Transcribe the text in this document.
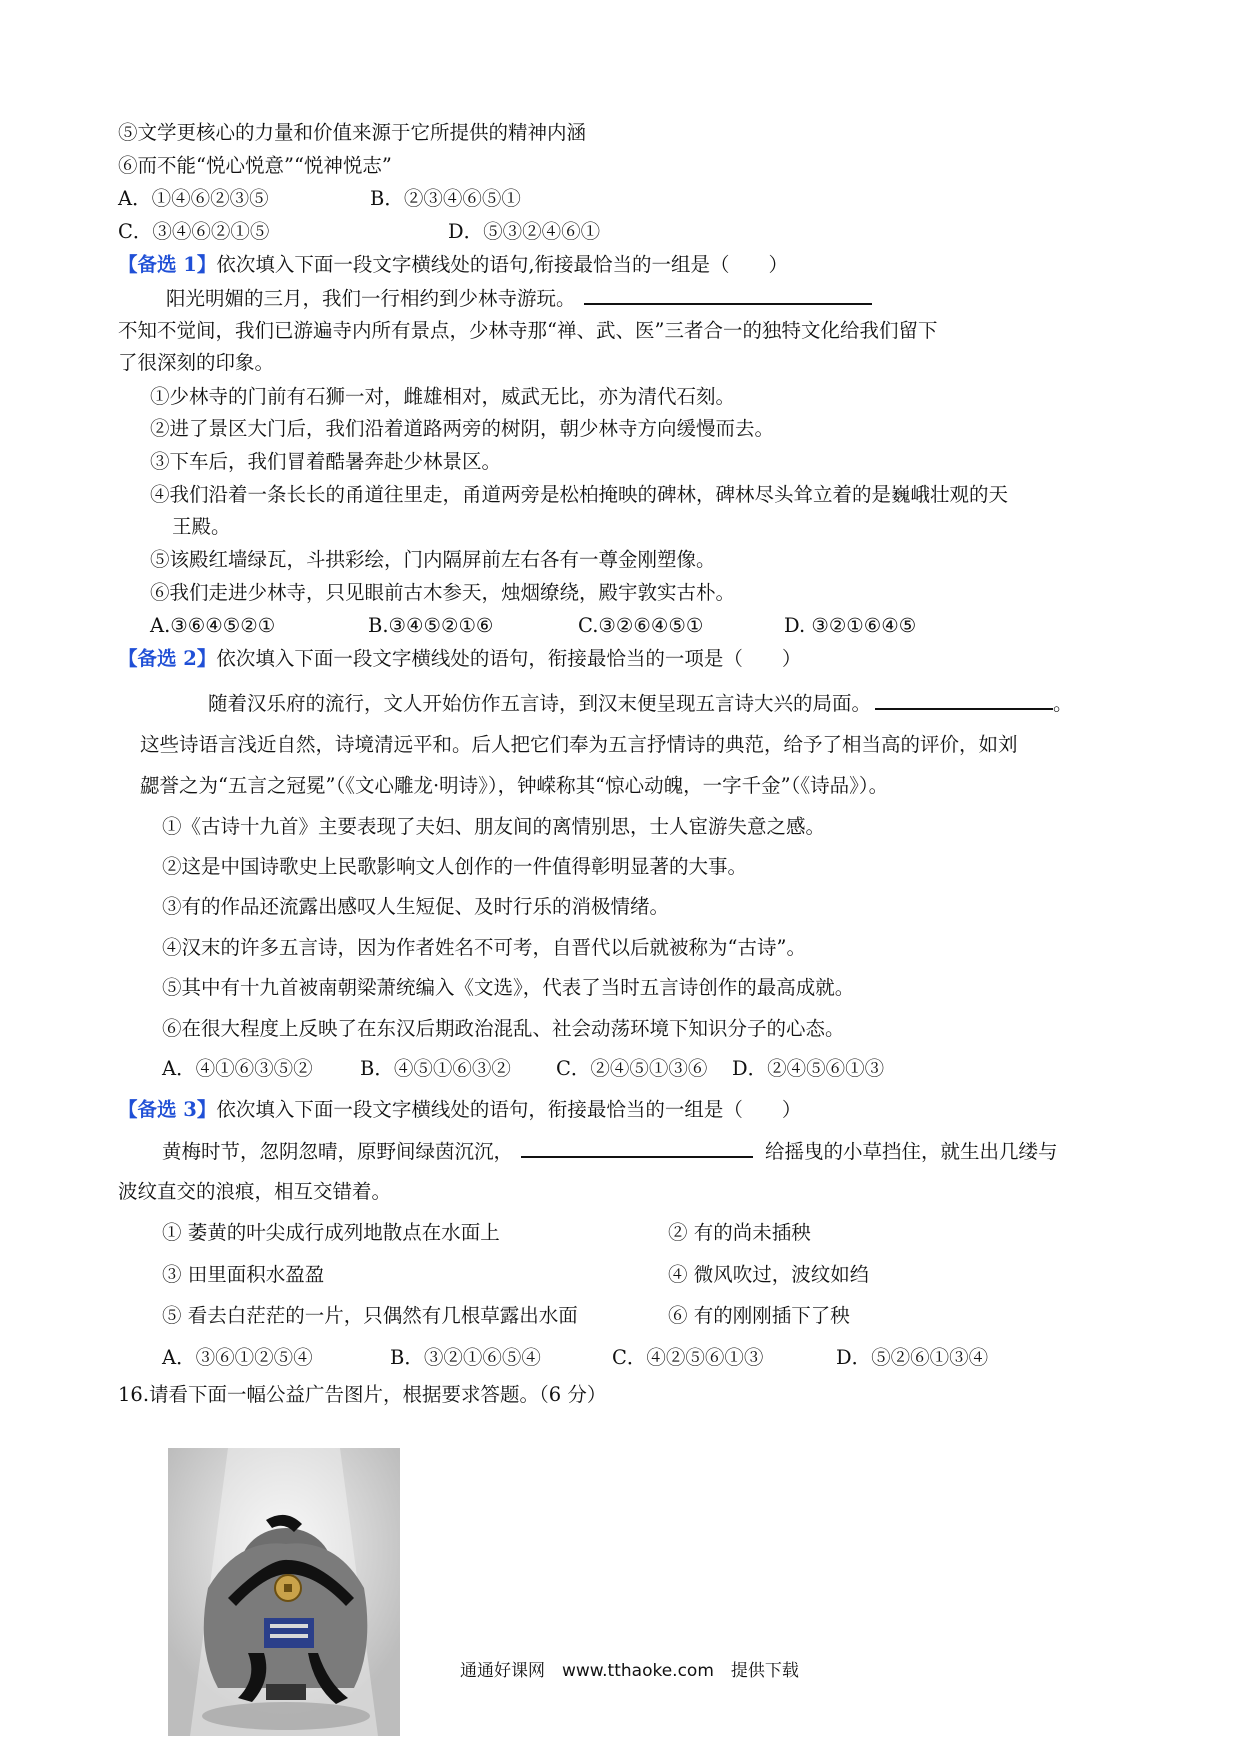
⑤文学更核心的力量和价值来源于它所提供的精神内涵
⑥而不能“悦心悦意”“悦神悦志”
A．①④⑥②③⑤	B．②③④⑥⑤①
C．③④⑥②①⑤	D．⑤③②④⑥①
【备选 1】依次填入下面一段文字横线处的语句,衔接最恰当的一组是（　　）
阳光明媚的三月，我们一行相约到少林寺游玩。
不知不觉间，我们已游遍寺内所有景点，少林寺那“禅、武、医”三者合一的独特文化给我们留下
了很深刻的印象。
①少林寺的门前有石狮一对，雌雄相对，威武无比，亦为清代石刻。
②进了景区大门后，我们沿着道路两旁的树阴，朝少林寺方向缓慢而去。
③下车后，我们冒着酷暑奔赴少林景区。
④我们沿着一条长长的甬道往里走，甬道两旁是松柏掩映的碑林，碑林尽头耸立着的是巍峨壮观的天
王殿。
⑤该殿红墙绿瓦，斗拱彩绘，门内隔屏前左右各有一尊金刚塑像。
⑥我们走进少林寺，只见眼前古木参天，烛烟缭绕，殿宇敦实古朴。
A.③⑥④⑤②①	B.③④⑤②①⑥	C.③②⑥④⑤①	D. ③②①⑥④⑤
【备选 2】依次填入下面一段文字横线处的语句，衔接最恰当的一项是（　　）
随着汉乐府的流行，文人开始仿作五言诗，到汉末便呈现五言诗大兴的局面。	。
这些诗语言浅近自然，诗境清远平和。后人把它们奉为五言抒情诗的典范，给予了相当高的评价，如刘
勰誉之为“五言之冠冕”（《文心雕龙·明诗》），钟嵘称其“惊心动魄，一字千金”（《诗品》）。
①《古诗十九首》主要表现了夫妇、朋友间的离情别思，士人宦游失意之感。
②这是中国诗歌史上民歌影响文人创作的一件值得彰明显著的大事。
③有的作品还流露出感叹人生短促、及时行乐的消极情绪。
④汉末的许多五言诗，因为作者姓名不可考，自晋代以后就被称为“古诗”。
⑤其中有十九首被南朝梁萧统编入《文选》，代表了当时五言诗创作的最高成就。
⑥在很大程度上反映了在东汉后期政治混乱、社会动荡环境下知识分子的心态。
A．④①⑥③⑤② B．④⑤①⑥③② C．②④⑤①③⑥ D．②④⑤⑥①③
【备选 3】依次填入下面一段文字横线处的语句，衔接最恰当的一组是（　　）
黄梅时节，忽阴忽晴，原野间绿茵沉沉，	给摇曳的小草挡住，就生出几缕与
波纹直交的浪痕，相互交错着。
① 萎黄的叶尖成行成列地散点在水面上	② 有的尚未插秧
③ 田里面积水盈盈	④ 微风吹过，波纹如绉
⑤ 看去白茫茫的一片，只偶然有几根草露出水面	⑥ 有的刚刚插下了秧
A．③⑥①②⑤④	B．③②①⑥⑤④	C．④②⑤⑥①③	D．⑤②⑥①③④
16.请看下面一幅公益广告图片，根据要求答题。（6 分）
通通好课网　www.tthaoke.com　提供下载
